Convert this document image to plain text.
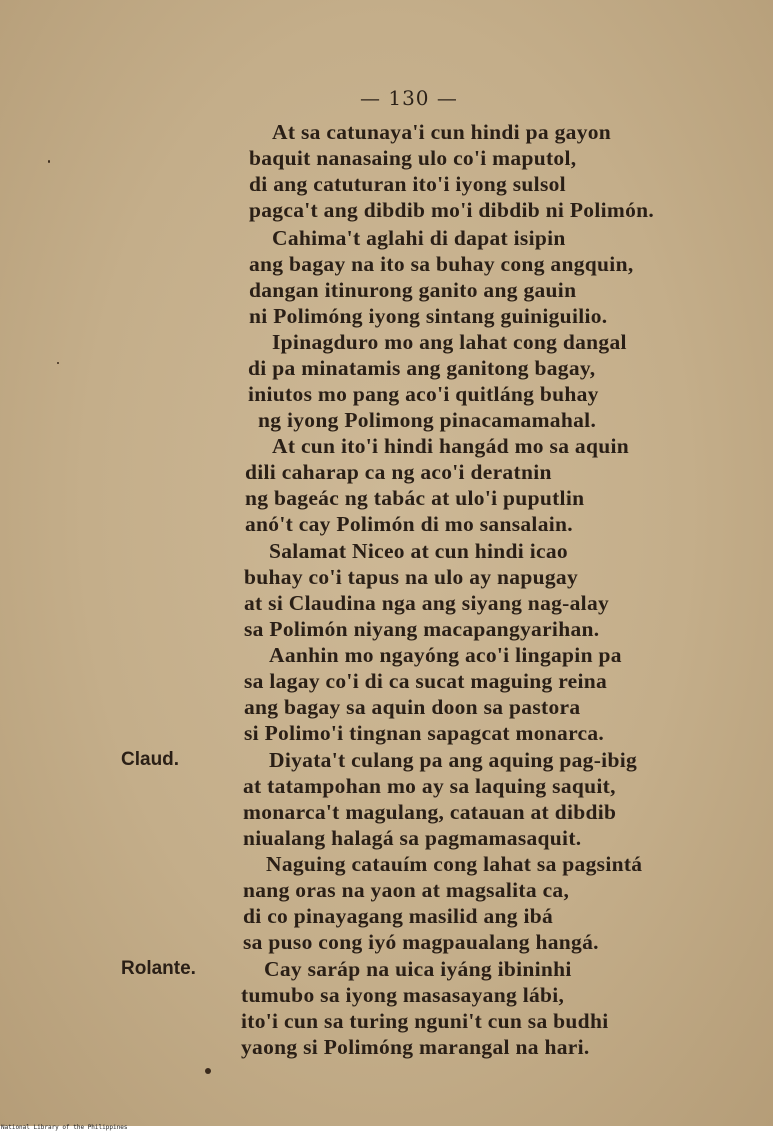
— 130 —
At sa catunaya'i cun hindi pa gayon
baquit nanasaing ulo co'i maputol,
di ang catuturan ito'i iyong sulsol
pagca't ang dibdib mo'i dibdib ni Polimón.
Cahima't aglahi di dapat isipin
ang bagay na ito sa buhay cong angquin,
dangan itinurong ganito ang gauin
ni Polimóng iyong sintang guiniguilio.
Ipinagduro mo ang lahat cong dangal
di pa minatamis ang ganitong bagay,
iniutos mo pang aco'i quitláng buhay
ng iyong Polimong pinacamamahal.
At cun ito'i hindi hangád mo sa aquin
dili caharap ca ng aco'i deratnin
ng bageác ng tabác at ulo'i puputlin
anó't cay Polimón di mo sansalain.
Salamat Niceo at cun hindi icao
buhay co'i tapus na ulo ay napugay
at si Claudina nga ang siyang nag-alay
sa Polimón niyang macapangyarihan.
Aanhin mo ngayóng aco'i lingapin pa
sa lagay co'i di ca sucat maguing reina
ang bagay sa aquin doon sa pastora
si Polimo'i tingnan sapagcat monarca.
Claud.	Diyata't culang pa ang aquing pag-ibig
at tatampohan mo ay sa laquing saquit,
monarca't magulang, catauan at dibdib
niualang halagá sa pagmamasaquit.
Naguing catauím cong lahat sa pagsintá
nang oras na yaon at magsalita ca,
di co pinayagang masilid ang ibá
sa puso cong iyó magpaualang hangá.
Rolante.	Cay saráp na uica iyáng ibininhi
tumubo sa iyong masasayang lábi,
ito'i cun sa turing nguni't cun sa budhi
yaong si Polimóng marangal na hari.
National Library of the Philippines
